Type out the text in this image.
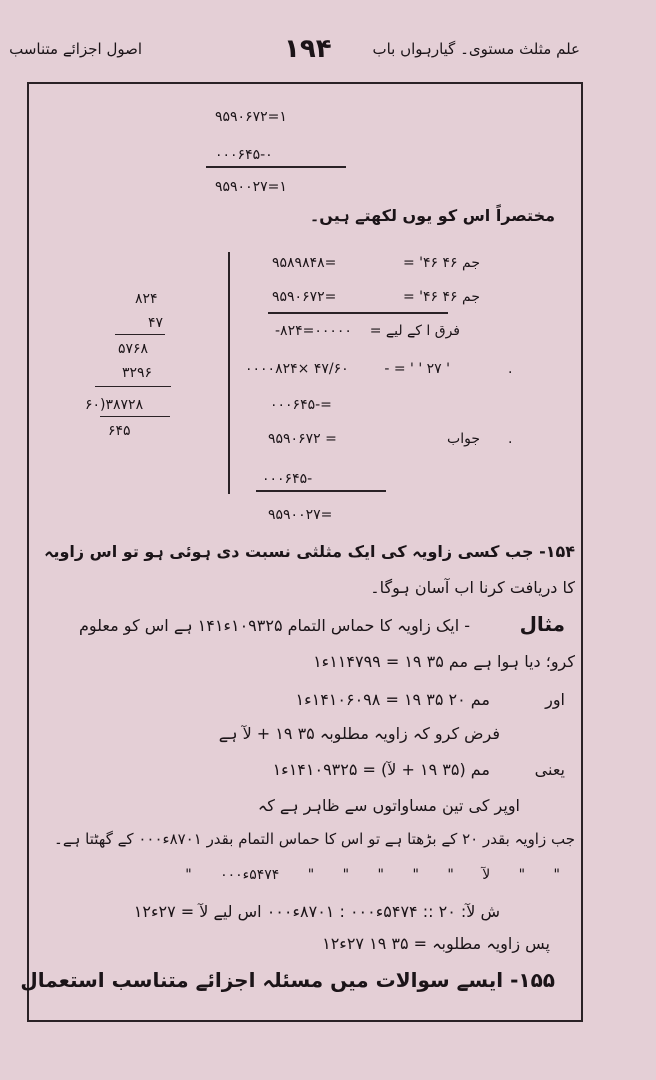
اصول اجزائے متناسب	۱۹۴	علم مثلث مستوی۔ گیارہواں باب
۹۵۹۰۶۷۲=۱
۰۰۰۶۴۵-۰
۹۵۹۰۰۲۷=۱
مختصراً اس کو یوں لکھتے ہیں۔
۹۵۸۹۸۴۸=	جم ۴۶ ۴۶' =
۹۵۹۰۶۷۲=	جم ۴۶ ۴۶' =
-۸۲۴=۰۰۰۰۰	فرق ا کے لیے =
۰۰۰۰۸۲۴× ۴۷/۶۰	' ۲۷ ' ' = -	.
۰۰۰۶۴۵-=
۹۵۹۰۶۷۲ =	جواب .
۰۰۰۶۴۵-
۹۵۹۰۰۲۷=
۸۲۴
۴۷
۵۷۶۸
۳۲۹۶
۶۰)۳۸۷۲۸
۶۴۵
۱۵۴- جب کسی زاویہ کی ایک مثلثی نسبت دی ہوئی ہو تو اس زاویہ
کا دریافت کرنا اب آسان ہوگا۔
مثال
- ایک زاویہ کا حماس التمام ۱۰۹۳۲۵ء۱۴۱ ہے اس کو معلوم
کرو؛ دیا ہوا ہے مم ۳۵ ۱۹ = ۱۱۴۷۹۹ء۱
اور
مم ۲۰ ۳۵ ۱۹ = ۱۴۱۰۶۰۹۸ء۱
فرض کرو کہ زاویہ مطلوبہ ۳۵ ۱۹ + لآ ہے
یعنی
مم (۳۵ ۱۹ + لآ) = ۱۴۱۰۹۳۲۵ء۱
اوپر کی تین مساواتوں سے ظاہر ہے کہ
جب زاویہ بقدر ۲۰ کے بڑھتا ہے تو اس کا حماس التمام بقدر ۸۷۰۱ء۰۰۰ کے گھٹتا ہے۔
" " لآ " " " " " ۵۴۷۴ء۰۰۰ "
ش لآ: ۲۰ :: ۵۴۷۴ء۰۰۰ : ۸۷۰۱ء۰۰۰ اس لیے لآ = ۲۷ء۱۲
پس زاویہ مطلوبہ = ۳۵ ۱۹ ۲۷ء۱۲
۱۵۵- ایسے سوالات میں مسئلہ اجزائے متناسب استعمال
